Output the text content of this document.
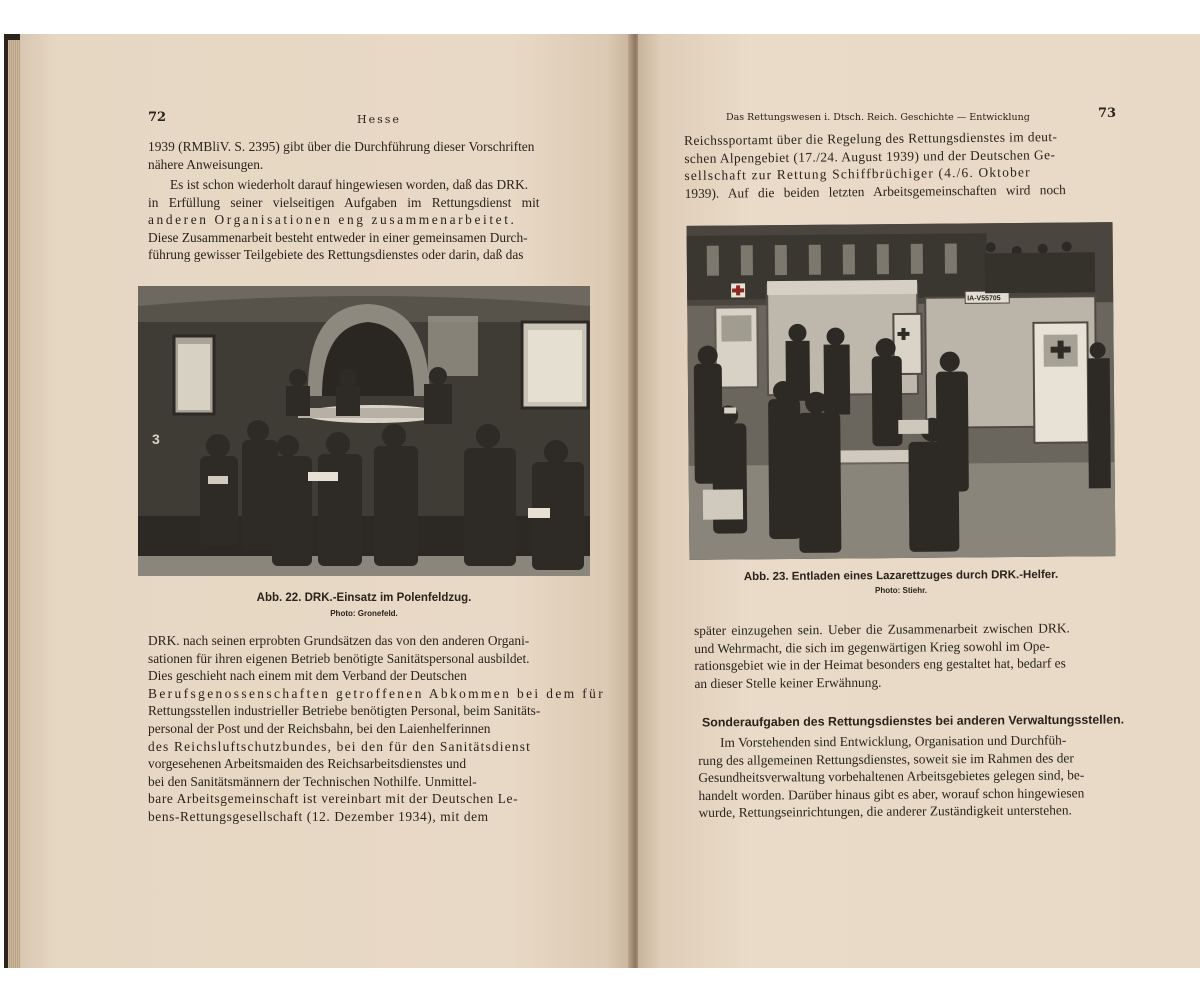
72	Hesse
1939 (RMBliV. S. 2395) gibt über die Durchführung dieser Vorschriften
nähere Anweisungen.
Es ist schon wiederholt darauf hingewiesen worden, daß das DRK.
in Erfüllung seiner vielseitigen Aufgaben im Rettungsdienst mit
anderen Organisationen eng zusammenarbeitet.
Diese Zusammenarbeit besteht entweder in einer gemeinsamen Durch-
führung gewisser Teilgebiete des Rettungsdienstes oder darin, daß das
3
Abb. 22. DRK.-Einsatz im Polenfeldzug.
Photo: Gronefeld.
DRK. nach seinen erprobten Grundsätzen das von den anderen Organi-
sationen für ihren eigenen Betrieb benötigte Sanitätspersonal ausbildet.
Dies geschieht nach einem mit dem Verband der Deutschen
Berufsgenossenschaften getroffenen Abkommen bei dem für
Rettungsstellen industrieller Betriebe benötigten Personal, beim Sanitäts-
personal der Post und der Reichsbahn, bei den Laienhelferinnen
des Reichsluftschutzbundes, bei den für den Sanitätsdienst
vorgesehenen Arbeitsmaiden des Reichsarbeitsdienstes und
bei den Sanitätsmännern der Technischen Nothilfe. Unmittel-
bare Arbeitsgemeinschaft ist vereinbart mit der Deutschen Le-
bens-Rettungsgesellschaft (12. Dezember 1934), mit dem
Das Rettungswesen i. Dtsch. Reich. Geschichte — Entwicklung	73
Reichssportamt über die Regelung des Rettungsdienstes im deut-
schen Alpengebiet (17./24. August 1939) und der Deutschen Ge-
sellschaft zur Rettung Schiffbrüchiger (4./6. Oktober
1939). Auf die beiden letzten Arbeitsgemeinschaften wird noch
IA-V55705
Abb. 23. Entladen eines Lazarettzuges durch DRK.-Helfer.
Photo: Stiehr.
später einzugehen sein. Ueber die Zusammenarbeit zwischen DRK.
und Wehrmacht, die sich im gegenwärtigen Krieg sowohl im Ope-
rationsgebiet wie in der Heimat besonders eng gestaltet hat, bedarf es
an dieser Stelle keiner Erwähnung.
Sonderaufgaben des Rettungsdienstes bei anderen Verwaltungsstellen.
Im Vorstehenden sind Entwicklung, Organisation und Durchfüh-
rung des allgemeinen Rettungsdienstes, soweit sie im Rahmen des der
Gesundheitsverwaltung vorbehaltenen Arbeitsgebietes gelegen sind, be-
handelt worden. Darüber hinaus gibt es aber, worauf schon hingewiesen
wurde, Rettungseinrichtungen, die anderer Zuständigkeit unterstehen.
